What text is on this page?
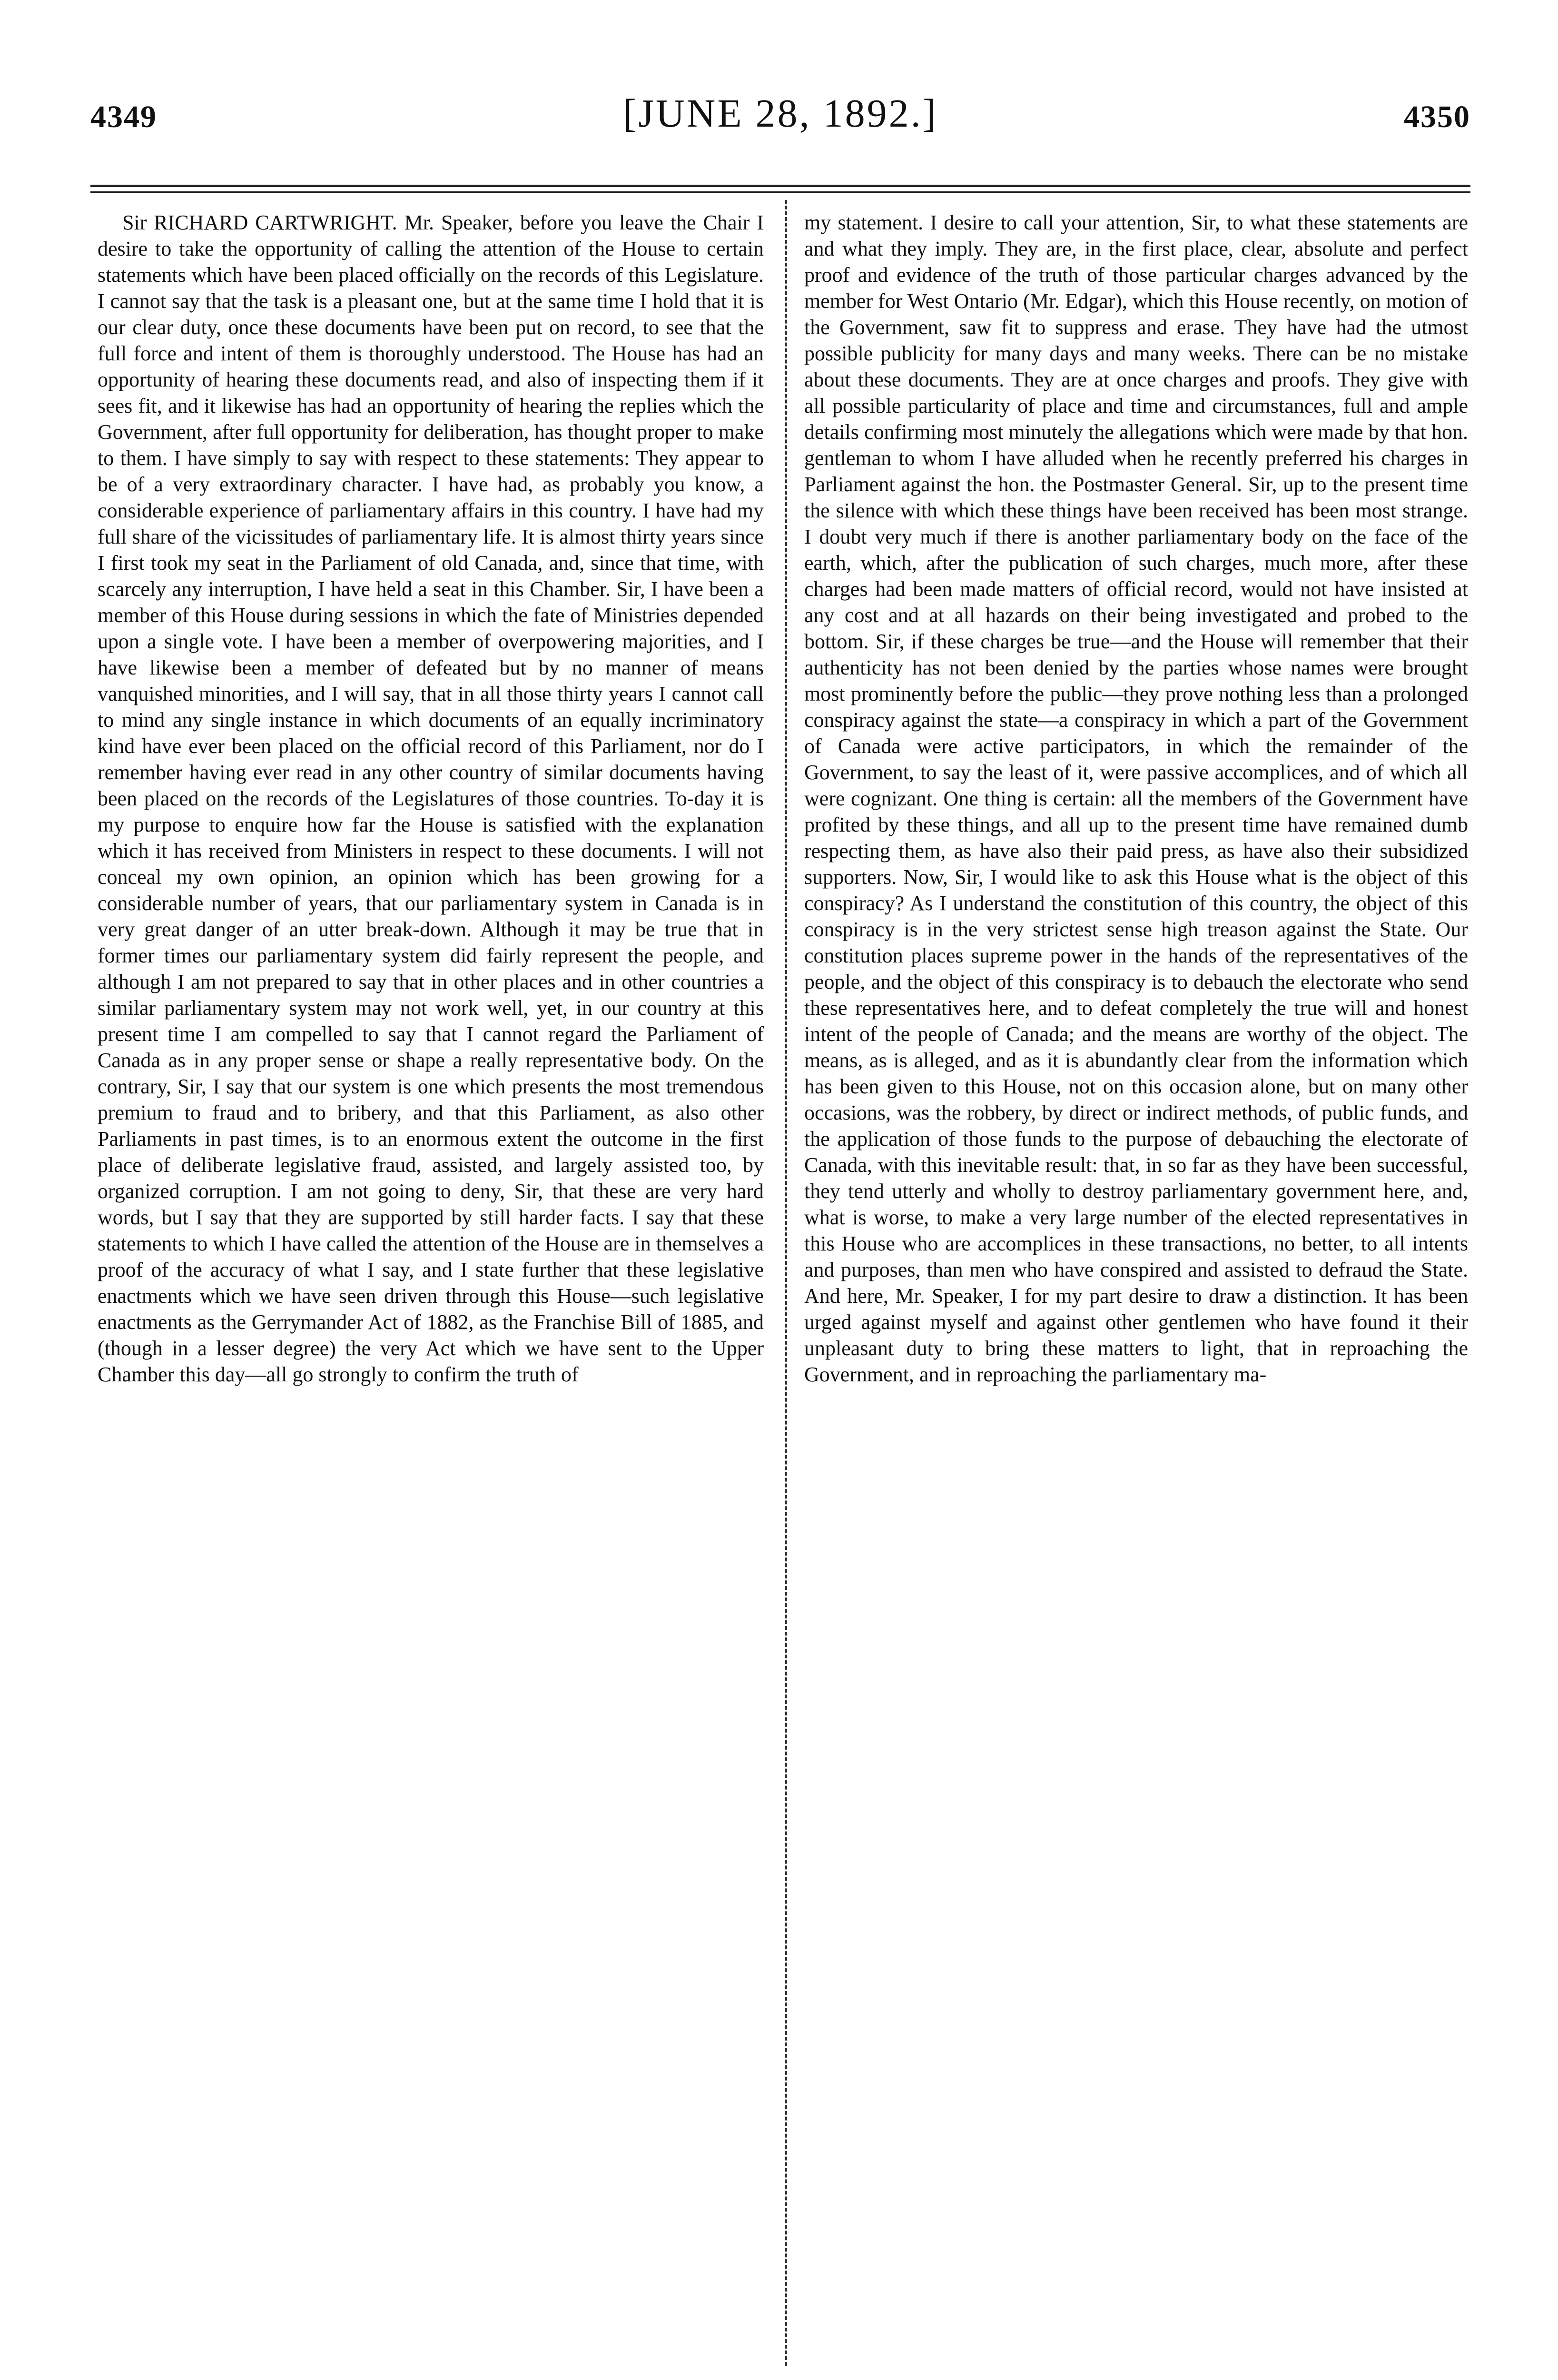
4349	[JUNE 28, 1892.]	4350

Sir RICHARD CARTWRIGHT. Mr. Speaker, before you leave the Chair I desire to take the opportunity of calling the attention of the House to certain statements which have been placed officially on the records of this Legislature. I cannot say that the task is a pleasant one, but at the same time I hold that it is our clear duty, once these documents have been put on record, to see that the full force and intent of them is thoroughly understood. The House has had an opportunity of hearing these documents read, and also of inspecting them if it sees fit, and it likewise has had an opportunity of hearing the replies which the Government, after full opportunity for deliberation, has thought proper to make to them. I have simply to say with respect to these statements: They appear to be of a very extraordinary character. I have had, as probably you know, a considerable experience of parliamentary affairs in this country. I have had my full share of the vicissitudes of parliamentary life. It is almost thirty years since I first took my seat in the Parliament of old Canada, and, since that time, with scarcely any interruption, I have held a seat in this Chamber. Sir, I have been a member of this House during sessions in which the fate of Ministries depended upon a single vote. I have been a member of overpowering majorities, and I have likewise been a member of defeated but by no manner of means vanquished minorities, and I will say, that in all those thirty years I cannot call to mind any single instance in which documents of an equally incriminatory kind have ever been placed on the official record of this Parliament, nor do I remember having ever read in any other country of similar documents having been placed on the records of the Legislatures of those countries. To-day it is my purpose to enquire how far the House is satisfied with the explanation which it has received from Ministers in respect to these documents. I will not conceal my own opinion, an opinion which has been growing for a considerable number of years, that our parliamentary system in Canada is in very great danger of an utter break-down. Although it may be true that in former times our parliamentary system did fairly represent the people, and although I am not prepared to say that in other places and in other countries a similar parliamentary system may not work well, yet, in our country at this present time I am compelled to say that I cannot regard the Parliament of Canada as in any proper sense or shape a really representative body. On the contrary, Sir, I say that our system is one which presents the most tremendous premium to fraud and to bribery, and that this Parliament, as also other Parliaments in past times, is to an enormous extent the outcome in the first place of deliberate legislative fraud, assisted, and largely assisted too, by organized corruption. I am not going to deny, Sir, that these are very hard words, but I say that they are supported by still harder facts. I say that these statements to which I have called the attention of the House are in themselves a proof of the accuracy of what I say, and I state further that these legislative enactments which we have seen driven through this House—such legislative enactments as the Gerrymander Act of 1882, as the Franchise Bill of 1885, and (though in a lesser degree) the very Act which we have sent to the Upper Chamber this day—all go strongly to confirm the truth of

my statement. I desire to call your attention, Sir, to what these statements are and what they imply. They are, in the first place, clear, absolute and perfect proof and evidence of the truth of those particular charges advanced by the member for West Ontario (Mr. Edgar), which this House recently, on motion of the Government, saw fit to suppress and erase. They have had the utmost possible publicity for many days and many weeks. There can be no mistake about these documents. They are at once charges and proofs. They give with all possible particularity of place and time and circumstances, full and ample details confirming most minutely the allegations which were made by that hon. gentleman to whom I have alluded when he recently preferred his charges in Parliament against the hon. the Postmaster General. Sir, up to the present time the silence with which these things have been received has been most strange. I doubt very much if there is another parliamentary body on the face of the earth, which, after the publication of such charges, much more, after these charges had been made matters of official record, would not have insisted at any cost and at all hazards on their being investigated and probed to the bottom. Sir, if these charges be true—and the House will remember that their authenticity has not been denied by the parties whose names were brought most prominently before the public—they prove nothing less than a prolonged conspiracy against the state—a conspiracy in which a part of the Government of Canada were active participators, in which the remainder of the Government, to say the least of it, were passive accomplices, and of which all were cognizant. One thing is certain: all the members of the Government have profited by these things, and all up to the present time have remained dumb respecting them, as have also their paid press, as have also their subsidized supporters. Now, Sir, I would like to ask this House what is the object of this conspiracy? As I understand the constitution of this country, the object of this conspiracy is in the very strictest sense high treason against the State. Our constitution places supreme power in the hands of the representatives of the people, and the object of this conspiracy is to debauch the electorate who send these representatives here, and to defeat completely the true will and honest intent of the people of Canada; and the means are worthy of the object. The means, as is alleged, and as it is abundantly clear from the information which has been given to this House, not on this occasion alone, but on many other occasions, was the robbery, by direct or indirect methods, of public funds, and the application of those funds to the purpose of debauching the electorate of Canada, with this inevitable result: that, in so far as they have been successful, they tend utterly and wholly to destroy parliamentary government here, and, what is worse, to make a very large number of the elected representatives in this House who are accomplices in these transactions, no better, to all intents and purposes, than men who have conspired and assisted to defraud the State. And here, Mr. Speaker, I for my part desire to draw a distinction. It has been urged against myself and against other gentlemen who have found it their unpleasant duty to bring these matters to light, that in reproaching the Government, and in reproaching the parliamentary ma-
